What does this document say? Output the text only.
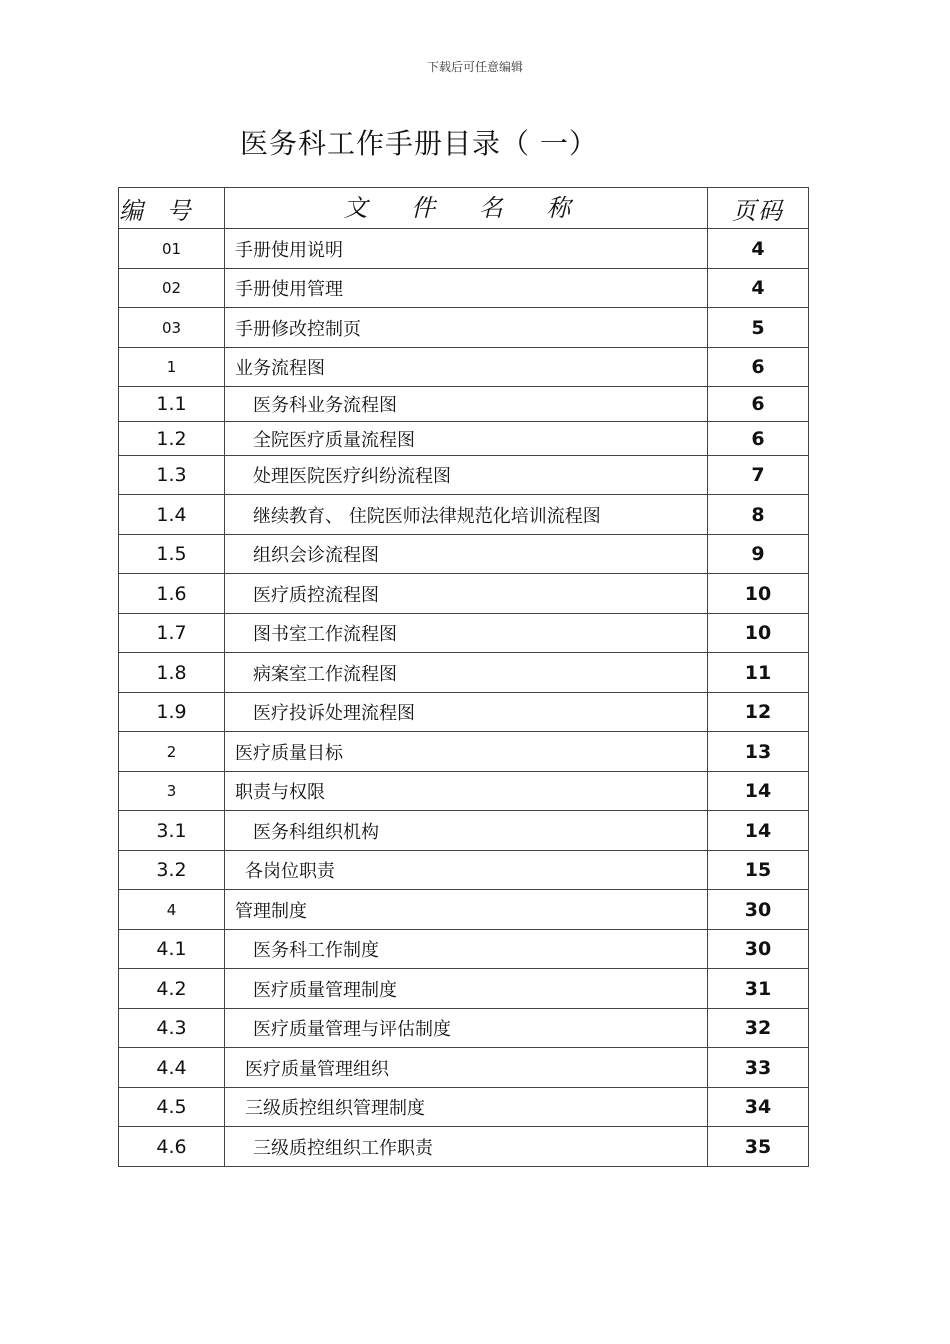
下载后可任意编辑
医务科工作手册目录（ 一）
编 号	文 件 名 称	页码
01	手册使用说明	4
02	手册使用管理	4
03	手册修改控制页	5
1	业务流程图	6
1.1	医务科业务流程图	6
1.2	全院医疗质量流程图	6
1.3	处理医院医疗纠纷流程图	7
1.4	继续教育、 住院医师法律规范化培训流程图	8
1.5	组织会诊流程图	9
1.6	医疗质控流程图	10
1.7	图书室工作流程图	10
1.8	病案室工作流程图	11
1.9	医疗投诉处理流程图	12
2	医疗质量目标	13
3	职责与权限	14
3.1	医务科组织机构	14
3.2	各岗位职责	15
4	管理制度	30
4.1	医务科工作制度	30
4.2	医疗质量管理制度	31
4.3	医疗质量管理与评估制度	32
4.4	医疗质量管理组织	33
4.5	三级质控组织管理制度	34
4.6	三级质控组织工作职责	35
